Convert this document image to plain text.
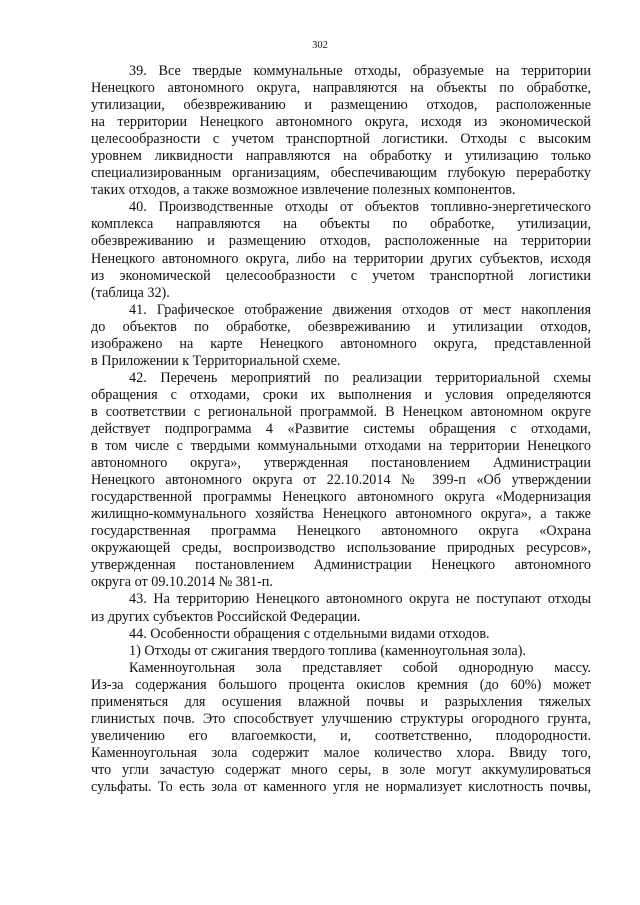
302
39. Все твердые коммунальные отходы, образуемые на территории
Ненецкого автономного округа, направляются на объекты по обработке,
утилизации, обезвреживанию и размещению отходов, расположенные
на территории Ненецкого автономного округа, исходя из экономической
целесообразности с учетом транспортной логистики. Отходы с высоким
уровнем ликвидности направляются на обработку и утилизацию только
специализированным организациям, обеспечивающим глубокую переработку
таких отходов, а также возможное извлечение полезных компонентов.
40. Производственные отходы от объектов топливно-энергетического
комплекса направляются на объекты по обработке, утилизации,
обезвреживанию и размещению отходов, расположенные на территории
Ненецкого автономного округа, либо на территории других субъектов, исходя
из экономической целесообразности с учетом транспортной логистики
(таблица 32).
41. Графическое отображение движения отходов от мест накопления
до объектов по обработке, обезвреживанию и утилизации отходов,
изображено на карте Ненецкого автономного округа, представленной
в Приложении к Территориальной схеме.
42. Перечень мероприятий по реализации территориальной схемы
обращения с отходами, сроки их выполнения и условия определяются
в соответствии с региональной программой. В Ненецком автономном округе
действует подпрограмма 4 «Развитие системы обращения с отходами,
в том числе с твердыми коммунальными отходами на территории Ненецкого
автономного округа», утвержденная постановлением Администрации
Ненецкого автономного округа от 22.10.2014 № 399-п «Об утверждении
государственной программы Ненецкого автономного округа «Модернизация
жилищно-коммунального хозяйства Ненецкого автономного округа», а также
государственная программа Ненецкого автономного округа «Охрана
окружающей среды, воспроизводство использование природных ресурсов»,
утвержденная постановлением Администрации Ненецкого автономного
округа от 09.10.2014 № 381-п.
43. На территорию Ненецкого автономного округа не поступают отходы
из других субъектов Российской Федерации.
44. Особенности обращения с отдельными видами отходов.
1) Отходы от сжигания твердого топлива (каменноугольная зола).
Каменноугольная зола представляет собой однородную массу.
Из-за содержания большого процента окислов кремния (до 60%) может
применяться для осушения влажной почвы и разрыхления тяжелых
глинистых почв. Это способствует улучшению структуры огородного грунта,
увеличению его влагоемкости, и, соответственно, плодородности.
Каменноугольная зола содержит малое количество хлора. Ввиду того,
что угли зачастую содержат много серы, в золе могут аккумулироваться
сульфаты. То есть зола от каменного угля не нормализует кислотность почвы,
